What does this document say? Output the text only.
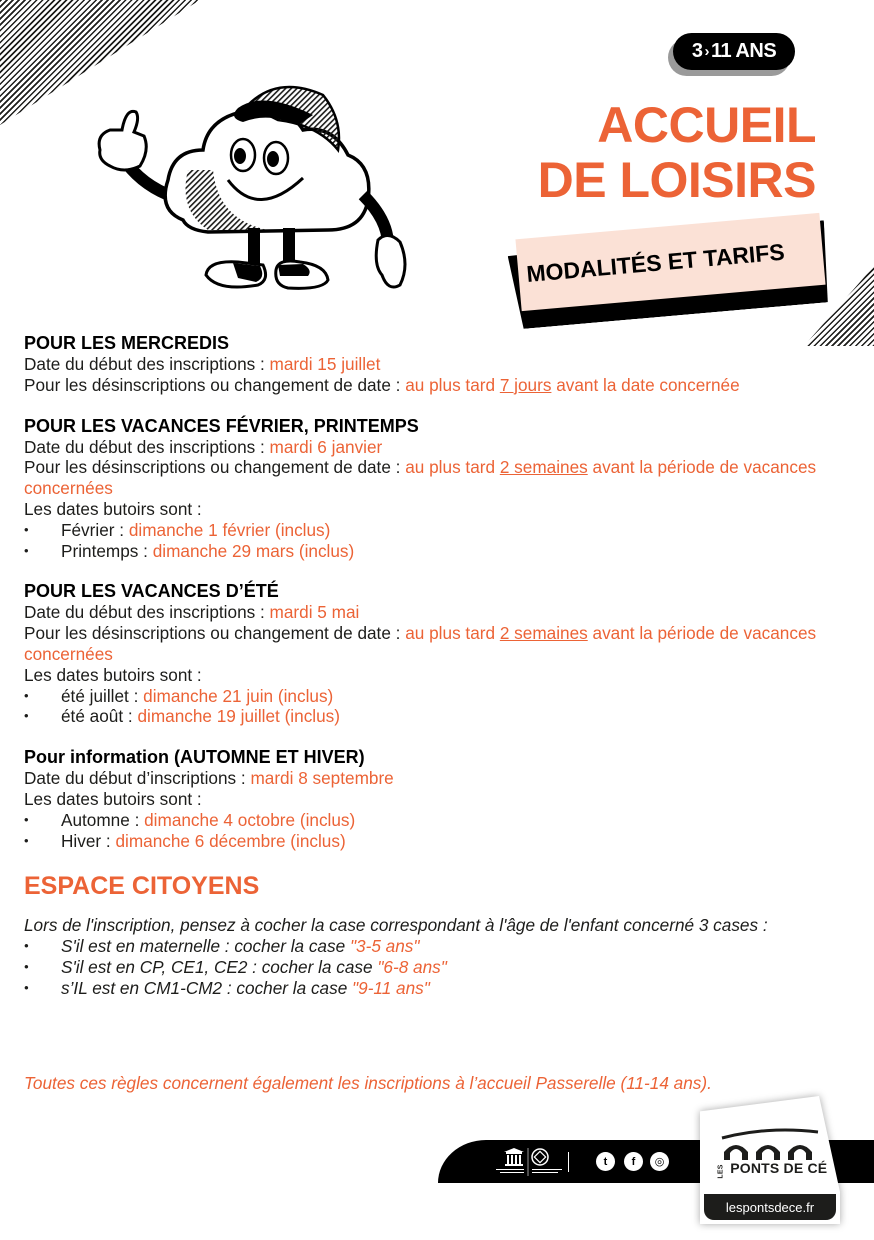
3 › 11 ANS
ACCUEIL
DE LOISIRS
MODALITÉS ET TARIFS
POUR LES MERCREDIS
Date du début des inscriptions : mardi 15 juillet
Pour les désinscriptions ou changement de date : au plus tard 7 jours avant la date concernée
POUR LES VACANCES FÉVRIER, PRINTEMPS
Date du début des inscriptions : mardi 6 janvier
Pour les désinscriptions ou changement de date : au plus tard 2 semaines avant la période de vacances concernées
Les dates butoirs sont :
• Février : dimanche 1 février (inclus)
• Printemps : dimanche 29 mars (inclus)
POUR LES VACANCES D’ÉTÉ
Date du début des inscriptions : mardi 5 mai
Pour les désinscriptions ou changement de date : au plus tard 2 semaines avant la période de vacances concernées
Les dates butoirs sont :
• été juillet : dimanche 21 juin (inclus)
• été août : dimanche 19 juillet (inclus)
Pour information (AUTOMNE ET HIVER)
Date du début d’inscriptions : mardi 8 septembre
Les dates butoirs sont :
• Automne : dimanche 4 octobre (inclus)
• Hiver : dimanche 6 décembre (inclus)
ESPACE CITOYENS
Lors de l'inscription, pensez à cocher la case correspondant à l'âge de l'enfant concerné 3 cases :
• S'il est en maternelle : cocher la case "3-5 ans"
• S'il est en CP, CE1, CE2 : cocher la case "6-8 ans"
• s’IL est en CM1-CM2 : cocher la case "9-11 ans"
Toutes ces règles concernent également les inscriptions à l’accueil Passerelle (11-14 ans).
t	f	◎
LES PONTS DE CÉ
lespontsdece.fr
